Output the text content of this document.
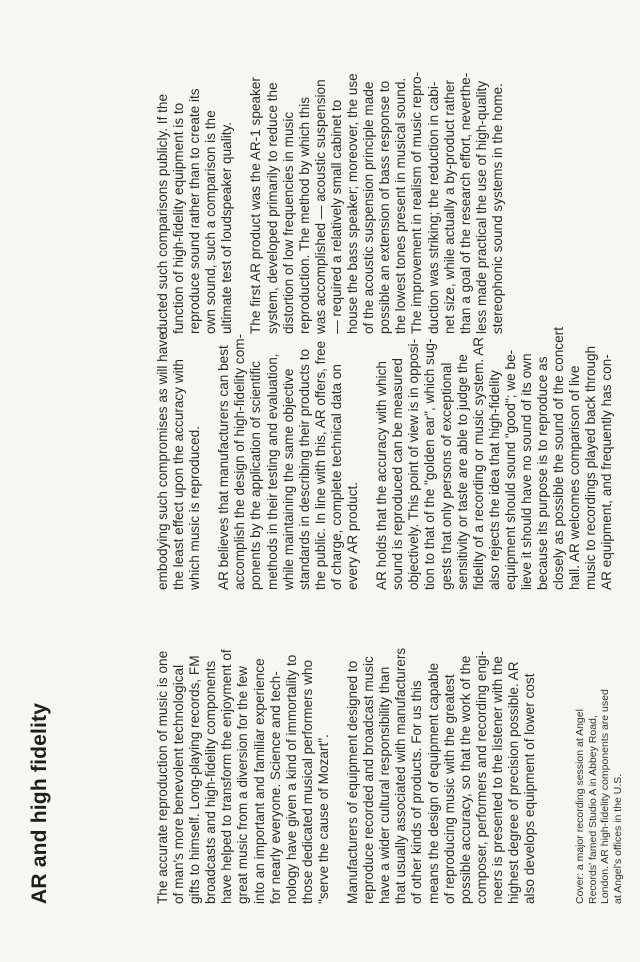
AR and high fidelity	The accurate reproduction of music is one
of man's more benevolent technological
gifts to himself. Long-playing records, FM
broadcasts and high-fidelity components
have helped to transform the enjoyment of
great music from a diversion for the few
into an important and familiar experience
for nearly everyone. Science and tech-
nology have given a kind of immortality to
those dedicated musical performers who
"serve the cause of Mozart".

Manufacturers of equipment designed to
reproduce recorded and broadcast music
have a wider cultural responsibility than
that usually associated with manufacturers
of other kinds of products. For us this
means the design of equipment capable
of reproducing music with the greatest
possible accuracy, so that the work of the
composer, performers and recording engi-
neers is presented to the listener with the
highest degree of precision possible. AR
also develops equipment of lower cost

embodying such compromises as will have
the least effect upon the accuracy with
which music is reproduced.

AR believes that manufacturers can best
accomplish the design of high-fidelity com-
ponents by the application of scientific
methods in their testing and evaluation,
while maintaining the same objective
standards in describing their products to
the public. In line with this, AR offers, free
of charge, complete technical data on
every AR product.

AR holds that the accuracy with which
sound is reproduced can be measured
objectively. This point of view is in opposi-
tion to that of the "golden ear", which sug-
gests that only persons of exceptional
sensitivity or taste are able to judge the
fidelity of a recording or music system. AR
also rejects the idea that high-fidelity
equipment should sound "good"; we be-
lieve it should have no sound of its own
because its purpose is to reproduce as
closely as possible the sound of the concert
hall. AR welcomes comparison of live
music to recordings played back through
AR equipment, and frequently has con-

ducted such comparisons publicly. If the
function of high-fidelity equipment is to
reproduce sound rather than to create its
own sound, such a comparison is the
ultimate test of loudspeaker quality.

The first AR product was the AR-1 speaker
system, developed primarily to reduce the
distortion of low frequencies in music
reproduction. The method by which this
was accomplished — acoustic suspension
— required a relatively small cabinet to
house the bass speaker; moreover, the use
of the acoustic suspension principle made
possible an extension of bass response to
the lowest tones present in musical sound.
The improvement in realism of music repro-
duction was striking; the reduction in cabi-
net size, while actually a by-product rather
than a goal of the research effort, neverthe-
less made practical the use of high-quality
stereophonic sound systems in the home.

Cover: a major recording session at Angel
Records' famed Studio A in Abbey Road,
London. AR high-fidelity components are used
at Angel's offices in the U.S.
